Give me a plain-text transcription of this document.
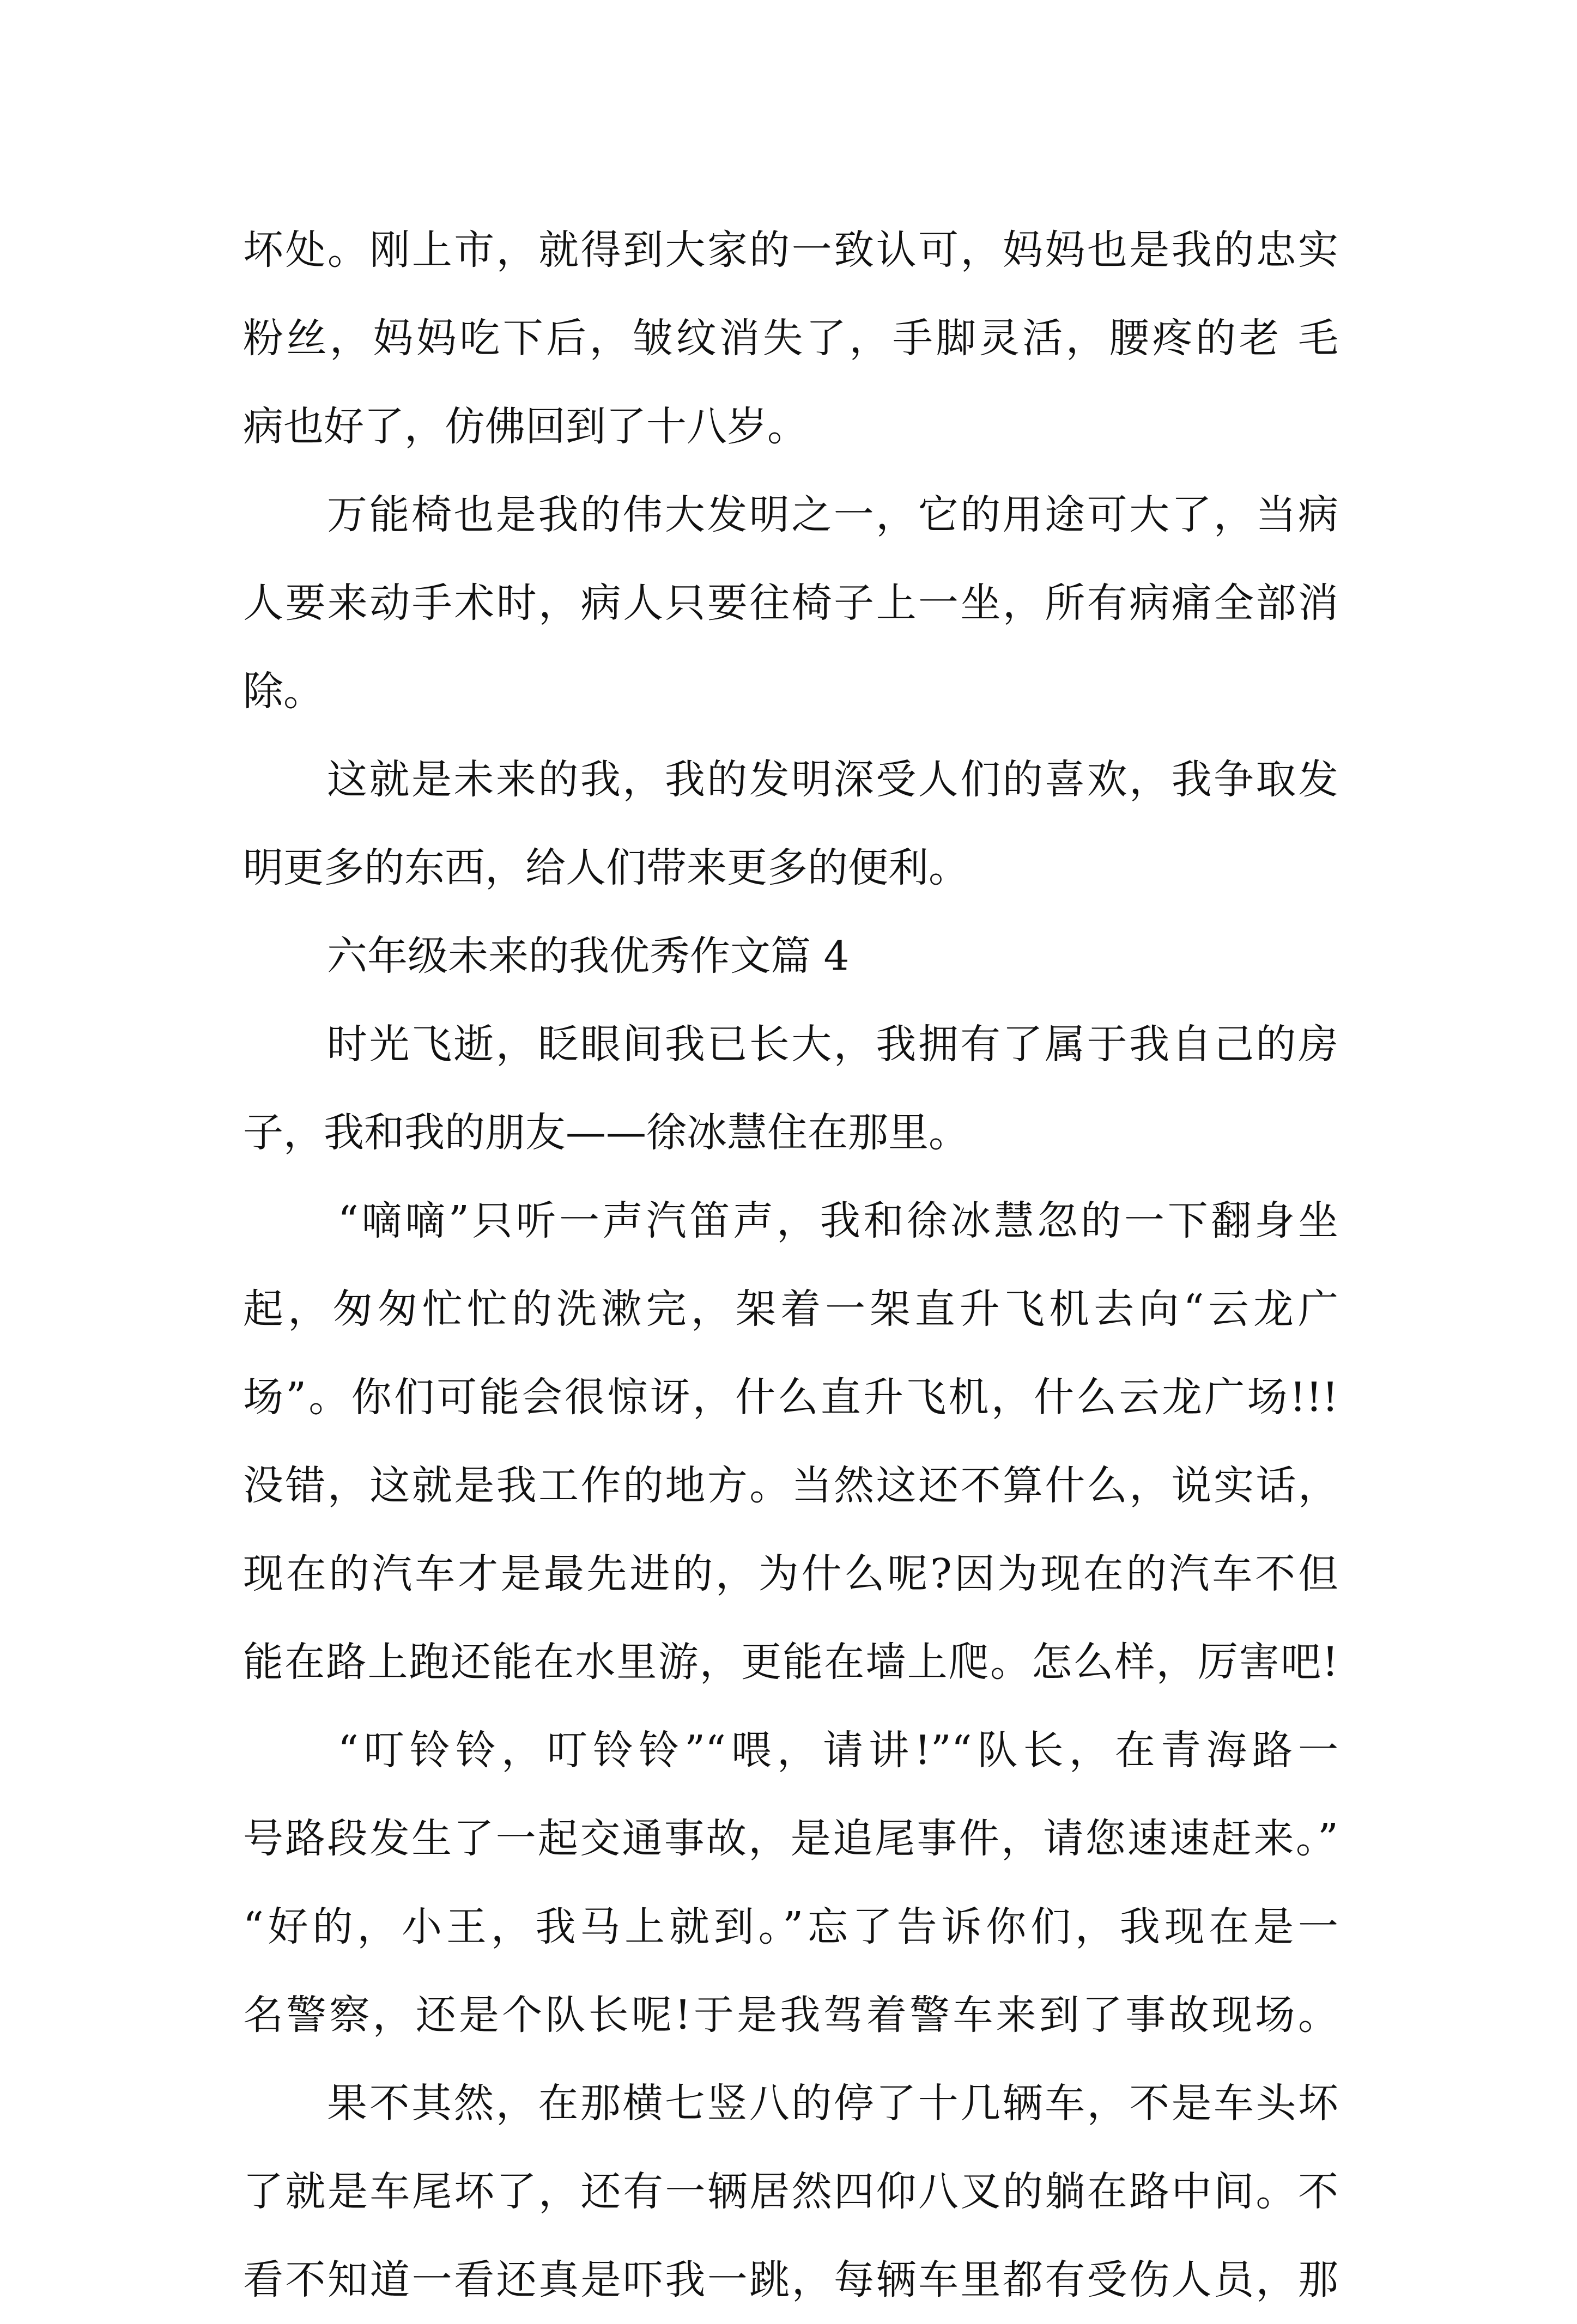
坏处。刚上市，就得到大家的一致认可，妈妈也是我的忠实
粉丝，妈妈吃下后，皱纹消失了，手脚灵活，腰疼的老 毛
病也好了，仿佛回到了十八岁。
万能椅也是我的伟大发明之一，它的用途可大了，当病
人要来动手术时，病人只要往椅子上一坐，所有病痛全部消
除。
这就是未来的我，我的发明深受人们的喜欢，我争取发
明更多的东西，给人们带来更多的便利。
六年级未来的我优秀作文篇 4
时光飞逝，眨眼间我已长大，我拥有了属于我自己的房
子，我和我的朋友——徐冰慧住在那里。
“嘀嘀”只听一声汽笛声，我和徐冰慧忽的一下翻身坐
起，匆匆忙忙的洗漱完，架着一架直升飞机去向“云龙广
场”。你们可能会很惊讶，什么直升飞机，什么云龙广场!!!
没错，这就是我工作的地方。当然这还不算什么，说实话，
现在的汽车才是最先进的，为什么呢?因为现在的汽车不但
能在路上跑还能在水里游，更能在墙上爬。怎么样，厉害吧!
“叮铃铃，叮铃铃”“喂，请讲!”“队长，在青海路一
号路段发生了一起交通事故，是追尾事件，请您速速赶来。”
“好的，小王，我马上就到。”忘了告诉你们，我现在是一
名警察，还是个队长呢!于是我驾着警车来到了事故现场。
果不其然，在那横七竖八的停了十几辆车，不是车头坏
了就是车尾坏了，还有一辆居然四仰八叉的躺在路中间。不
看不知道一看还真是吓我一跳，每辆车里都有受伤人员，那
